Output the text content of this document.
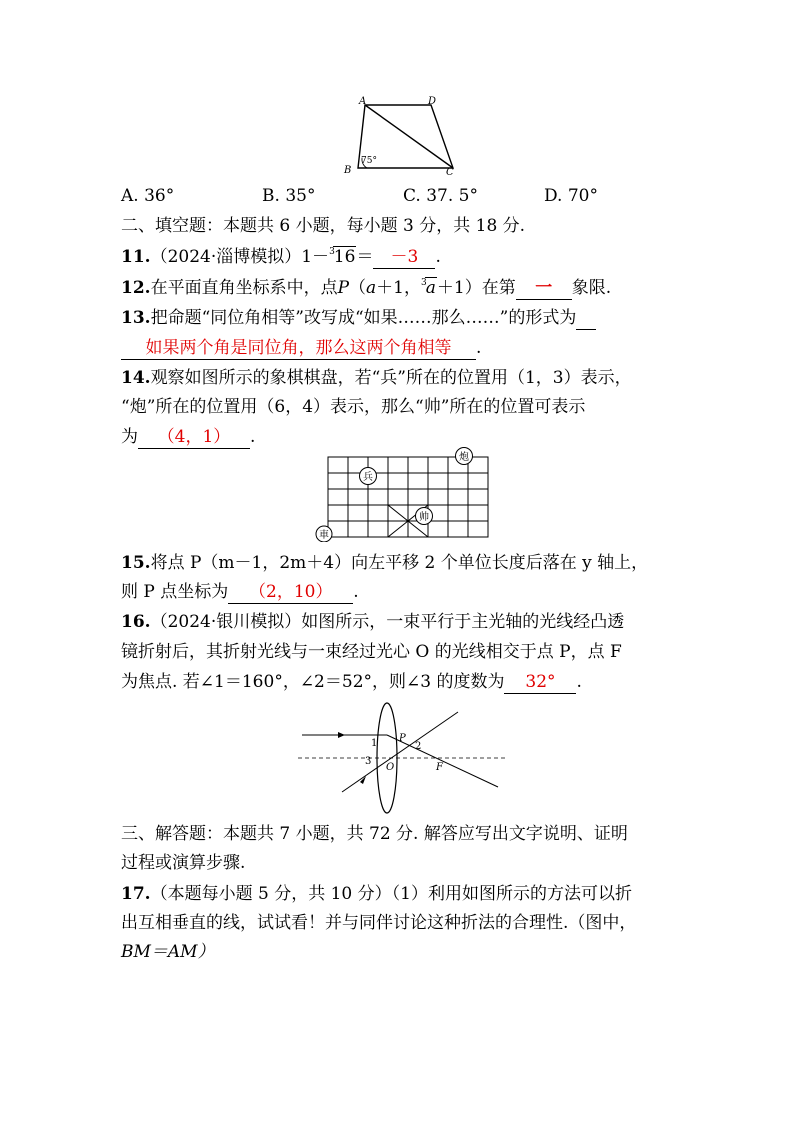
A	D
B	C
75°
A. 36°	B. 35°	C. 37. 5°	D. 70°
二、填空题：本题共 6 小题，每小题 3 分，共 18 分.
11.（2024·淄博模拟）1－$^3$16＝ －3 .
12.在平面直角坐标系中，点P（a＋1，$^3$a＋1）在第 一 象限.
13.把命题“同位角相等”改写成“如果……那么……”的形式为
如果两个角是同位角，那么这两个角相等 .
14.观察如图所示的象棋棋盘，若“兵”所在的位置用（1，3）表示，
“炮”所在的位置用（6，4）表示，那么“帅”所在的位置可表示
为 （4，1） .
兵
炮
帅
車
15.将点 P（m－1，2m＋4）向左平移 2 个单位长度后落在 y 轴上，
则 P 点坐标为 （2，10） .
16.（2024·银川模拟）如图所示，一束平行于主光轴的光线经凸透
镜折射后，其折射光线与一束经过光心 O 的光线相交于点 P，点 F
为焦点. 若∠1＝160°，∠2＝52°，则∠3 的度数为 32° .
1 P
2
3
O	F
三、解答题：本题共 7 小题，共 72 分. 解答应写出文字说明、证明
过程或演算步骤.
17.（本题每小题 5 分，共 10 分）（1）利用如图所示的方法可以折
出互相垂直的线，试试看！并与同伴讨论这种折法的合理性.（图中，
BM＝AM）
